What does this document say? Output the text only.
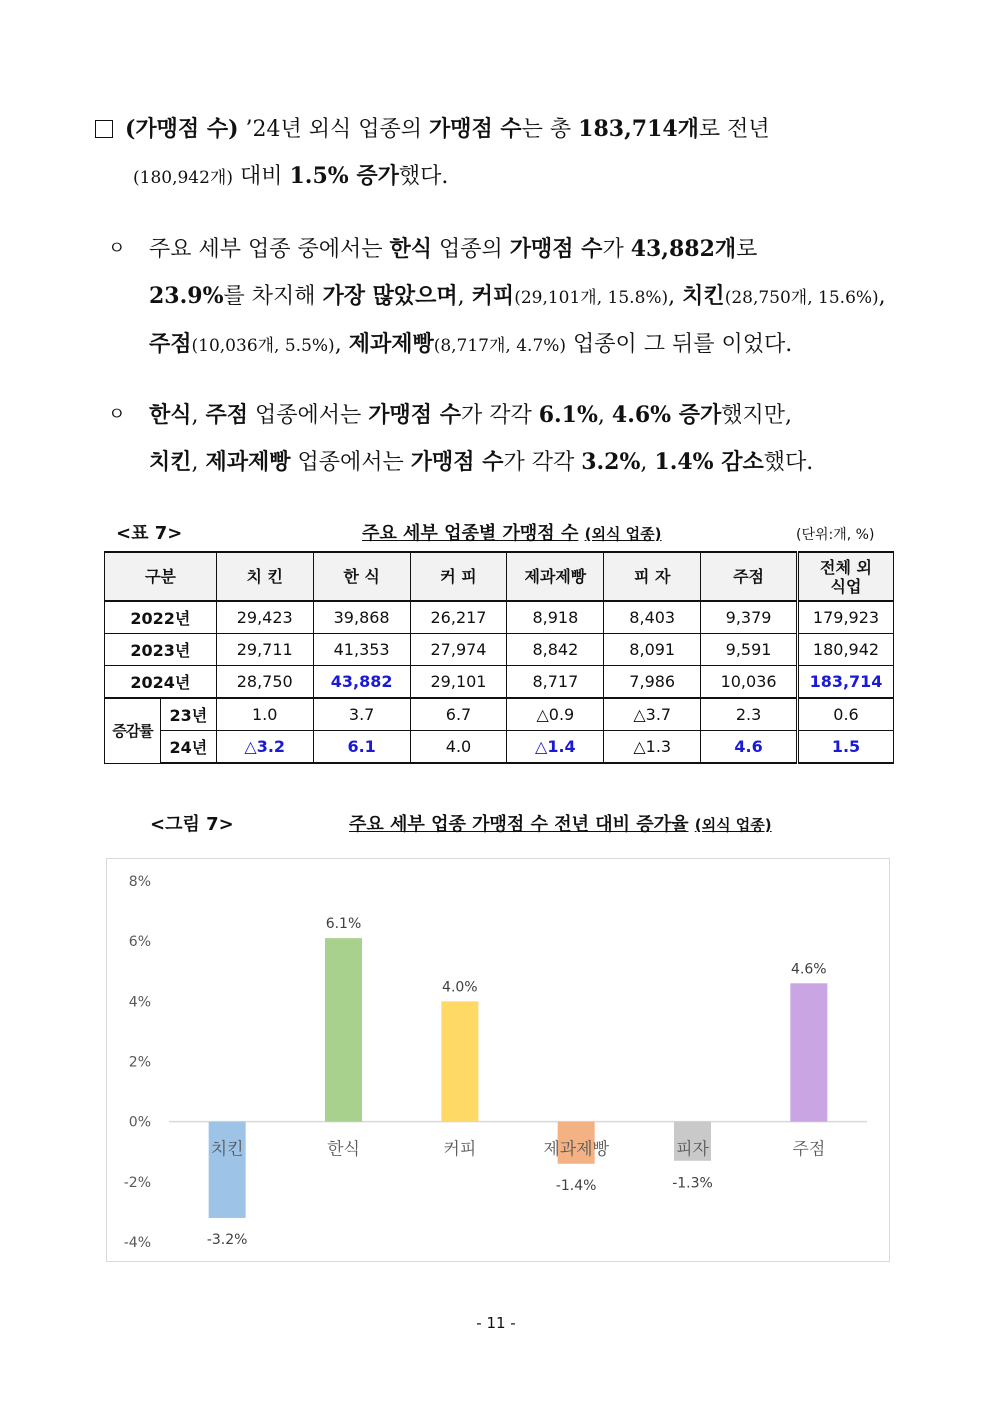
(가맹점 수) ’24년 외식 업종의 가맹점 수는 총 183,714개로 전년
(180,942개) 대비 1.5% 증가했다.
ㅇ	주요 세부 업종 중에서는 한식 업종의 가맹점 수가 43,882개로
23.9%를 차지해 가장 많았으며, 커피(29,101개, 15.8%), 치킨(28,750개, 15.6%),
주점(10,036개, 5.5%), 제과제빵(8,717개, 4.7%) 업종이 그 뒤를 이었다.
ㅇ	한식, 주점 업종에서는 가맹점 수가 각각 6.1%, 4.6% 증가했지만,
치킨, 제과제빵 업종에서는 가맹점 수가 각각 3.2%, 1.4% 감소했다.
<표 7>	주요 세부 업종별 가맹점 수 (외식 업종)	(단위:개, %)
구분		치 킨	한 식	커 피	제과제빵	피 자	주점	전체 외식업
2022년		29,423	39,868	26,217	8,918	8,403	9,379	179,923
2023년		29,711	41,353	27,974	8,842	8,091	9,591	180,942
2024년		28,750	43,882	29,101	8,717	7,986	10,036	183,714
증감률	23년	1.0	3.7	6.7	△0.9	△3.7	2.3	0.6
	24년	△3.2	6.1	4.0	△1.4	△1.3	4.6	1.5
<그림 7>	주요 세부 업종 가맹점 수 전년 대비 증가율 (외식 업종)
8%
6%
4%
2%
0%
-2%
-4%
치킨
-3.2%
한식
6.1%
커피
4.0%
제과제빵
-1.4%
피자
-1.3%
주점
4.6%
- 11 -
